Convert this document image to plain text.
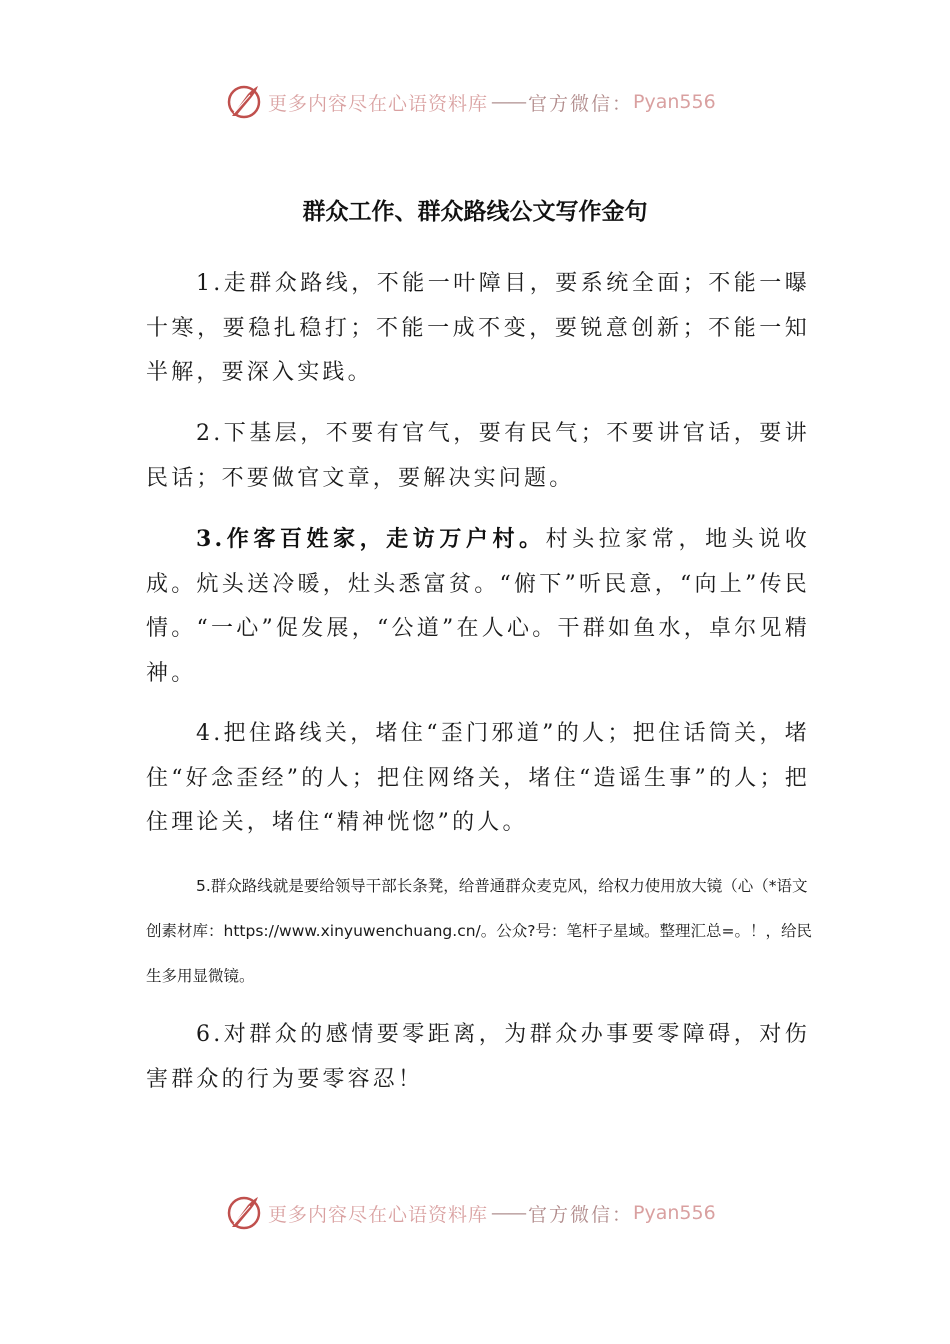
更多内容尽在心语资料库 —— 官方微信： Pyan556
群众工作、群众路线公文写作金句

1.走群众路线，不能一叶障目，要系统全面；不能一曝十寒，要稳扎稳打；不能一成不变，要锐意创新；不能一知半解，要深入实践。

2.下基层，不要有官气，要有民气；不要讲官话，要讲民话；不要做官文章，要解决实问题。

3.作客百姓家，走访万户村。村头拉家常，地头说收成。炕头送冷暖，灶头悉富贫。“俯下”听民意，“向上”传民情。“一心”促发展，“公道”在人心。干群如鱼水，卓尔见精神。

4.把住路线关，堵住“歪门邪道”的人；把住话筒关，堵住“好念歪经”的人；把住网络关，堵住“造谣生事”的人；把住理论关，堵住“精神恍惚”的人。

5.群众路线就是要给领导干部长条凳，给普通群众麦克风，给权力使用放大镜（心（*语文创素材库：https://www.xinyuwenchuang.cn/。公众?号：笔杆子星域。整理汇总=。！，给民生多用显微镜。

6.对群众的感情要零距离，为群众办事要零障碍，对伤害群众的行为要零容忍！

更多内容尽在心语资料库 —— 官方微信： Pyan556
